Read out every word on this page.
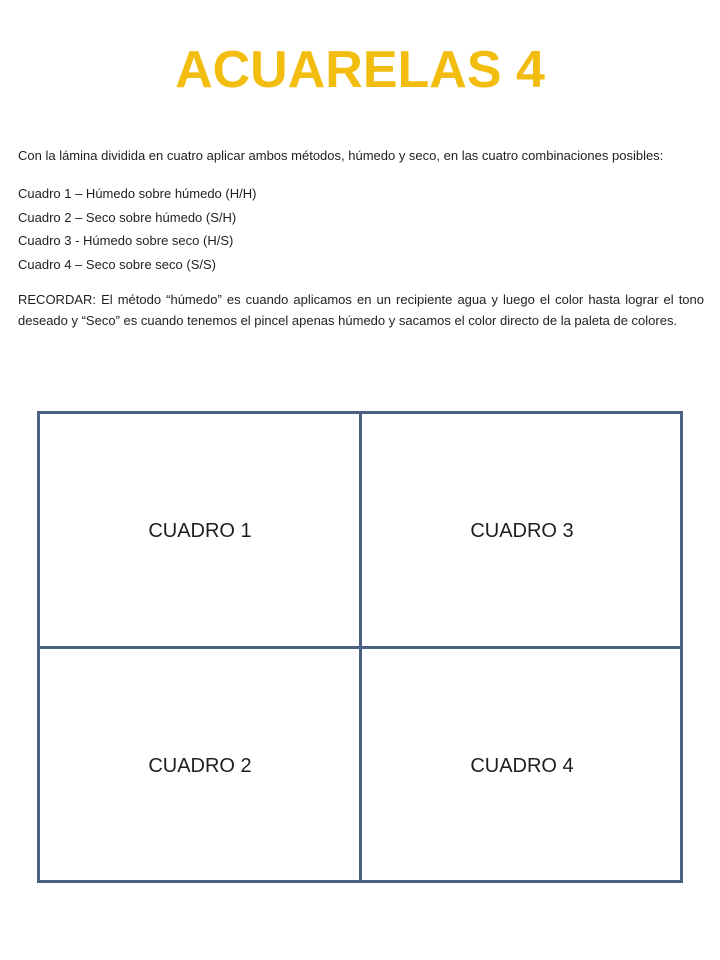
ACUARELAS 4

Con la lámina dividida en cuatro aplicar ambos métodos, húmedo y seco, en las cuatro combinaciones posibles:

Cuadro 1 – Húmedo sobre húmedo (H/H)

Cuadro 2 – Seco sobre húmedo (S/H)

Cuadro 3 - Húmedo sobre seco (H/S)

Cuadro 4 – Seco sobre seco (S/S)

RECORDAR: El método “húmedo” es cuando aplicamos en un recipiente agua y luego el color hasta lograr el tono deseado y “Seco” es cuando tenemos el pincel apenas húmedo y sacamos el color directo de la paleta de colores.

CUADRO 1	CUADRO 3
CUADRO 2	CUADRO 4
